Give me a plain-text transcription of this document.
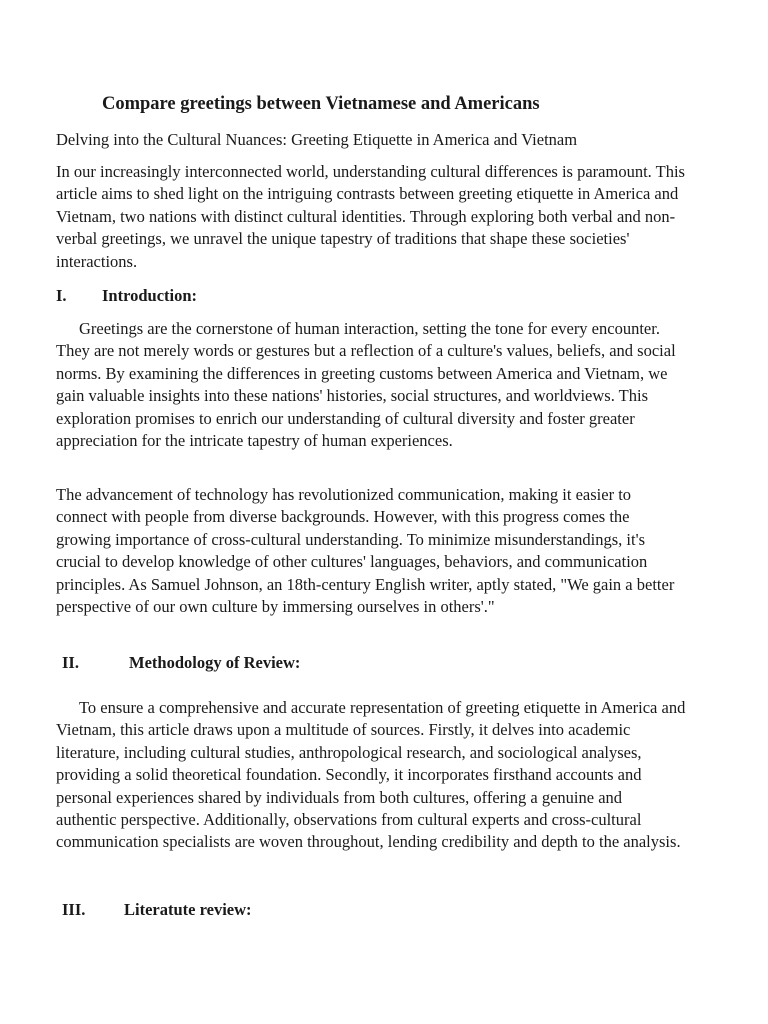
Compare greetings between Vietnamese and Americans
Delving into the Cultural Nuances: Greeting Etiquette in America and Vietnam

In our increasingly interconnected world, understanding cultural differences is paramount. This article aims to shed light on the intriguing contrasts between greeting etiquette in America and Vietnam, two nations with distinct cultural identities. Through exploring both verbal and non-verbal greetings, we unravel the unique tapestry of traditions that shape these societies' interactions.

I. Introduction:

Greetings are the cornerstone of human interaction, setting the tone for every encounter. They are not merely words or gestures but a reflection of a culture's values, beliefs, and social norms. By examining the differences in greeting customs between America and Vietnam, we gain valuable insights into these nations' histories, social structures, and worldviews. This exploration promises to enrich our understanding of cultural diversity and foster greater appreciation for the intricate tapestry of human experiences.

The advancement of technology has revolutionized communication, making it easier to connect with people from diverse backgrounds. However, with this progress comes the growing importance of cross-cultural understanding. To minimize misunderstandings, it's crucial to develop knowledge of other cultures' languages, behaviors, and communication principles. As Samuel Johnson, an 18th-century English writer, aptly stated, "We gain a better perspective of our own culture by immersing ourselves in others'."

II.	Methodology of Review:

To ensure a comprehensive and accurate representation of greeting etiquette in America and Vietnam, this article draws upon a multitude of sources. Firstly, it delves into academic literature, including cultural studies, anthropological research, and sociological analyses, providing a solid theoretical foundation. Secondly, it incorporates firsthand accounts and personal experiences shared by individuals from both cultures, offering a genuine and authentic perspective. Additionally, observations from cultural experts and cross-cultural communication specialists are woven throughout, lending credibility and depth to the analysis.

III. Literatute review:
